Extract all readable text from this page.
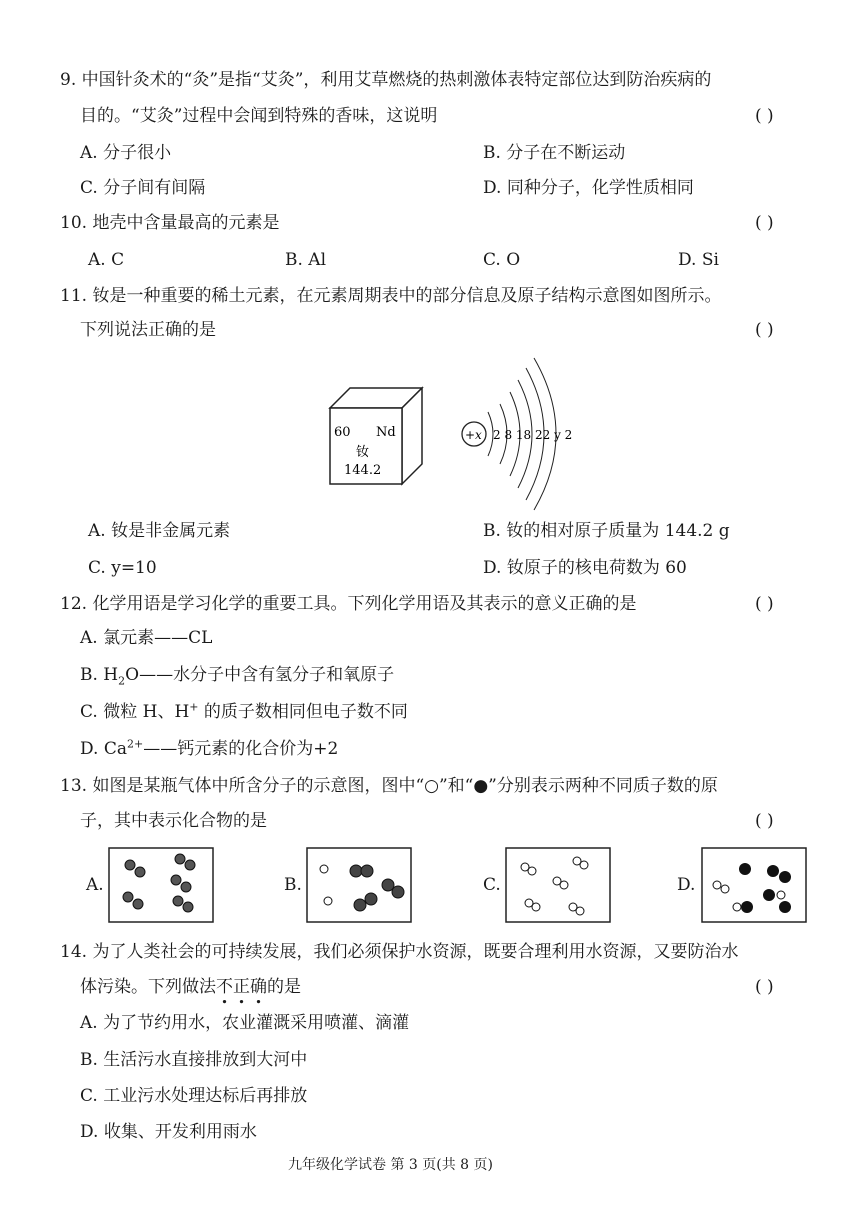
9. 中国针灸术的“灸”是指“艾灸”，利用艾草燃烧的热刺激体表特定部位达到防治疾病的
目的。“艾灸”过程中会闻到特殊的香味，这说明	( )
A. 分子很小	B. 分子在不断运动
C. 分子间有间隔	D. 同种分子，化学性质相同
10. 地壳中含量最高的元素是	( )
A. C	B. Al	C. O	D. Si
11. 钕是一种重要的稀土元素，在元素周期表中的部分信息及原子结构示意图如图所示。
下列说法正确的是	( )
60 Nd
钕
144.2
+x 2 8 18 22 y 2
A. 钕是非金属元素	B. 钕的相对原子质量为 144.2 g
C. y=10	D. 钕原子的核电荷数为 60
12. 化学用语是学习化学的重要工具。下列化学用语及其表示的意义正确的是	( )
A. 氯元素——CL
B. $H_2O——$水分子中含有氢分子和氧原子
C. 微粒 H、H+ 的质子数相同但电子数不同
D. $Ca^{2+}——$钙元素的化合价为+2
13. 如图是某瓶气体中所含分子的示意图，图中“○”和“●”分别表示两种不同质子数的原
子，其中表示化合物的是	( )
A.	B.	C.	D.
14. 为了人类社会的可持续发展，我们必须保护水资源，既要合理利用水资源，又要防治水
体污染。下列做法不正确的是	( )
A. 为了节约用水，农业灌溉采用喷灌、滴灌
B. 生活污水直接排放到大河中
C. 工业污水处理达标后再排放
D. 收集、开发利用雨水
九年级化学试卷 第 3 页(共 8 页)
